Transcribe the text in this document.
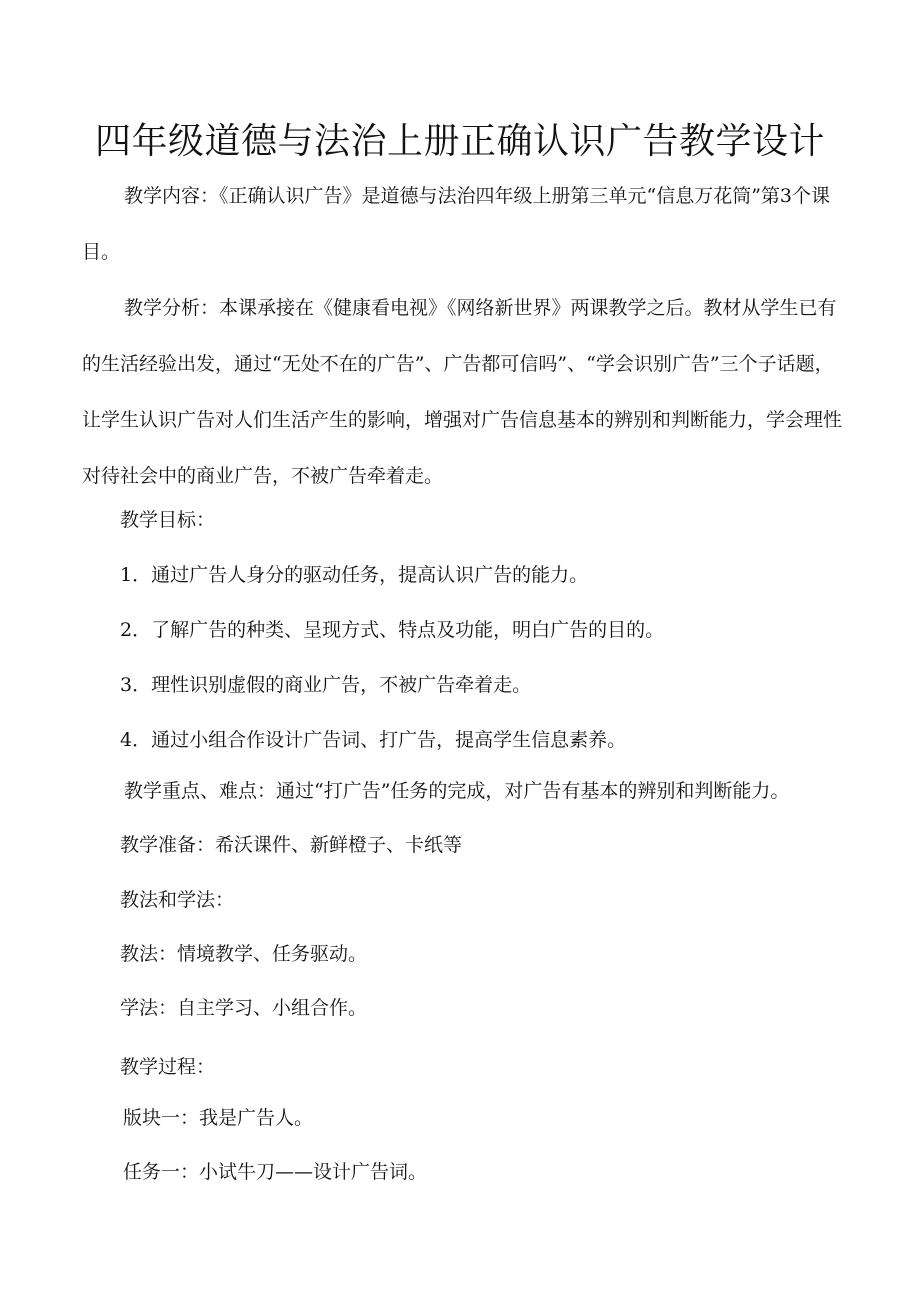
四年级道德与法治上册正确认识广告教学设计

教学内容：《正确认识广告》是道德与法治四年级上册第三单元“信息万花筒”第3个课目。

教学分析：本课承接在《健康看电视》《网络新世界》两课教学之后。教材从学生已有的生活经验出发，通过“无处不在的广告”、广告都可信吗”、“学会识别广告”三个子话题，让学生认识广告对人们生活产生的影响，增强对广告信息基本的辨别和判断能力，学会理性对待社会中的商业广告，不被广告牵着走。

教学目标：

1．通过广告人身分的驱动任务，提高认识广告的能力。

2．了解广告的种类、呈现方式、特点及功能，明白广告的目的。

3．理性识别虚假的商业广告，不被广告牵着走。

4．通过小组合作设计广告词、打广告，提高学生信息素养。

教学重点、难点：通过“打广告”任务的完成，对广告有基本的辨别和判断能力。

教学准备：希沃课件、新鲜橙子、卡纸等

教法和学法：

教法：情境教学、任务驱动。

学法：自主学习、小组合作。

教学过程：

版块一：我是广告人。

任务一：小试牛刀——设计广告词。
